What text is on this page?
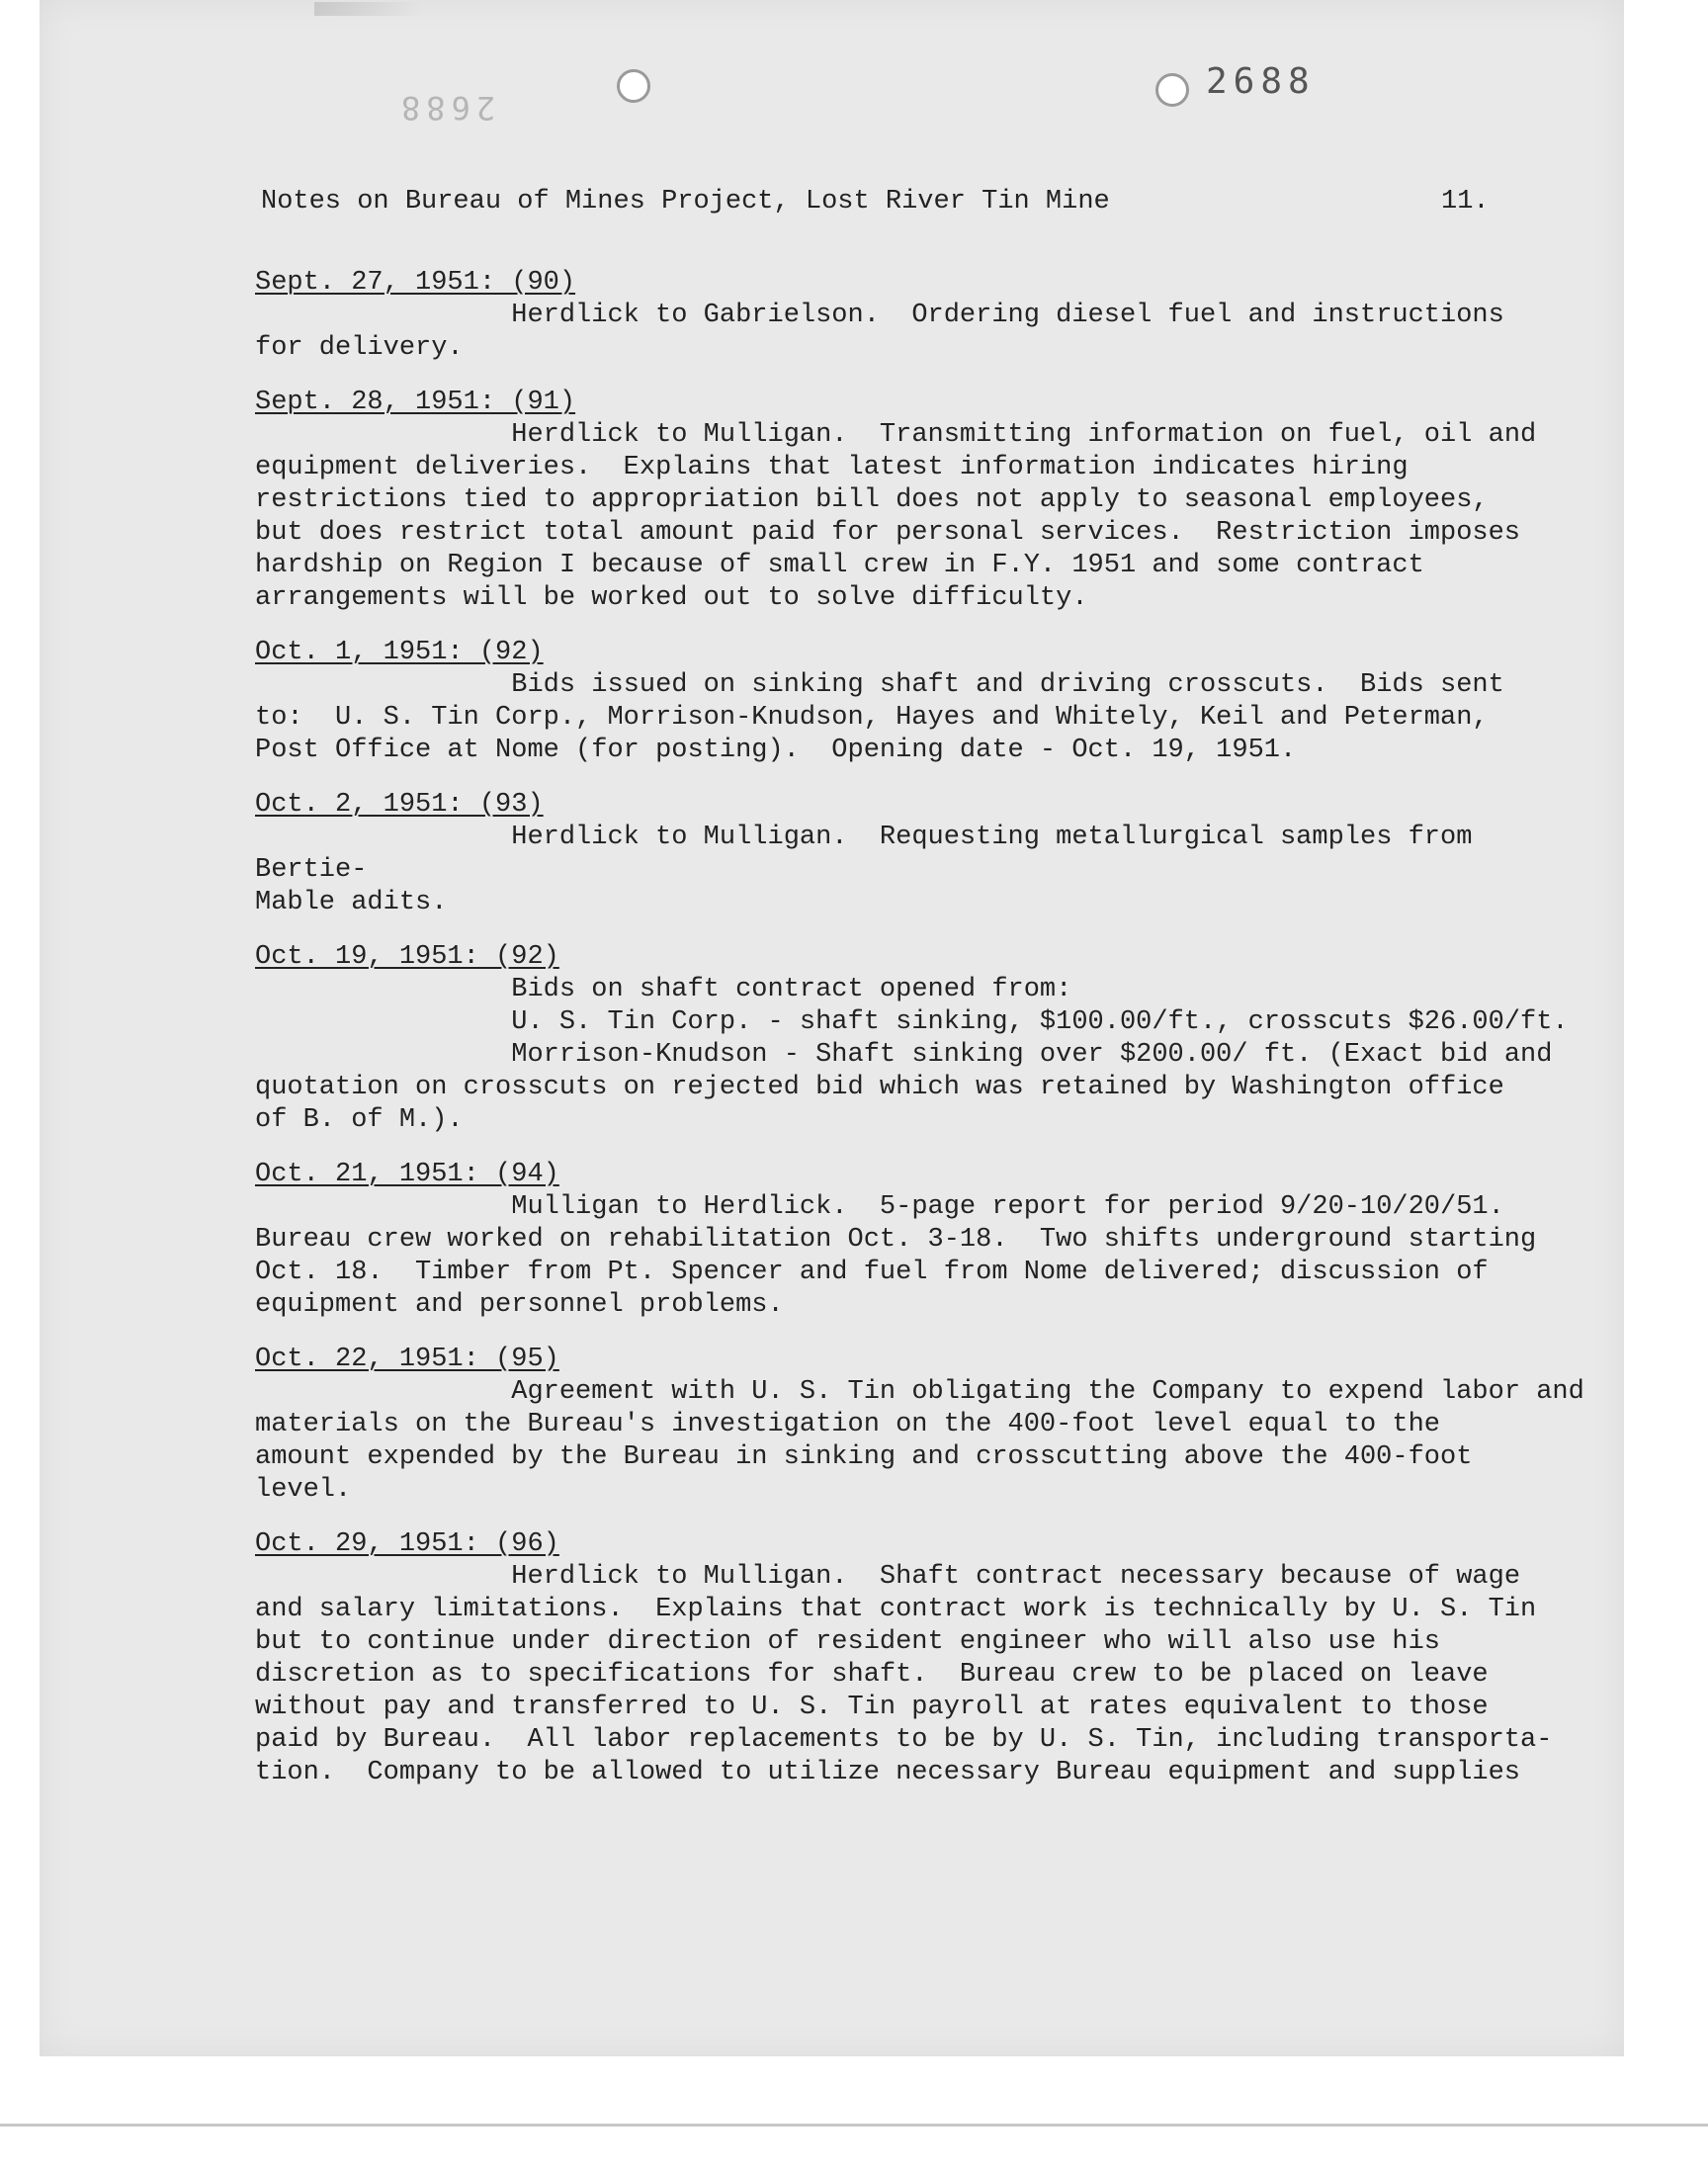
2688
2688
Notes on Bureau of Mines Project, Lost River Tin Mine	11.
Sept. 27, 1951: (90)
Herdlick to Gabrielson.  Ordering diesel fuel and instructions
for delivery.
Sept. 28, 1951: (91)
Herdlick to Mulligan.  Transmitting information on fuel, oil and
equipment deliveries.  Explains that latest information indicates hiring
restrictions tied to appropriation bill does not apply to seasonal employees,
but does restrict total amount paid for personal services.  Restriction imposes
hardship on Region I because of small crew in F.Y. 1951 and some contract
arrangements will be worked out to solve difficulty.
Oct. 1, 1951: (92)
Bids issued on sinking shaft and driving crosscuts.  Bids sent
to:  U. S. Tin Corp., Morrison-Knudson, Hayes and Whitely, Keil and Peterman,
Post Office at Nome (for posting).  Opening date - Oct. 19, 1951.
Oct. 2, 1951: (93)
Herdlick to Mulligan.  Requesting metallurgical samples from Bertie-
Mable adits.
Oct. 19, 1951: (92)
Bids on shaft contract opened from:
U. S. Tin Corp. - shaft sinking, $100.00/ft., crosscuts $26.00/ft.
Morrison-Knudson - Shaft sinking over $200.00/ ft. (Exact bid and
quotation on crosscuts on rejected bid which was retained by Washington office
of B. of M.).
Oct. 21, 1951: (94)
Mulligan to Herdlick.  5-page report for period 9/20-10/20/51.
Bureau crew worked on rehabilitation Oct. 3-18.  Two shifts underground starting
Oct. 18.  Timber from Pt. Spencer and fuel from Nome delivered; discussion of
equipment and personnel problems.
Oct. 22, 1951: (95)
Agreement with U. S. Tin obligating the Company to expend labor and
materials on the Bureau's investigation on the 400-foot level equal to the
amount expended by the Bureau in sinking and crosscutting above the 400-foot
level.
Oct. 29, 1951: (96)
Herdlick to Mulligan.  Shaft contract necessary because of wage
and salary limitations.  Explains that contract work is technically by U. S. Tin
but to continue under direction of resident engineer who will also use his
discretion as to specifications for shaft.  Bureau crew to be placed on leave
without pay and transferred to U. S. Tin payroll at rates equivalent to those
paid by Bureau.  All labor replacements to be by U. S. Tin, including transporta-
tion.  Company to be allowed to utilize necessary Bureau equipment and supplies
